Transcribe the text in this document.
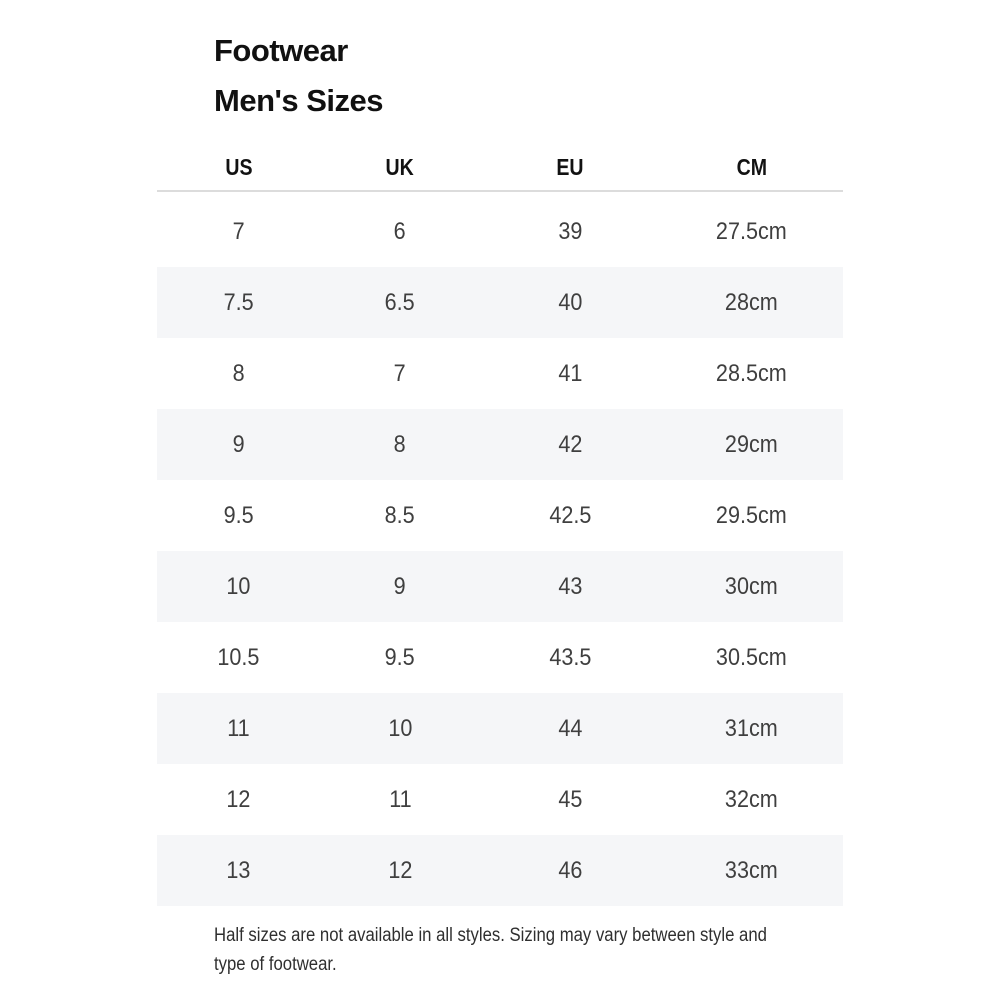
Footwear
Men's Sizes
US	UK	EU	CM
7	6	39	27.5cm
7.5	6.5	40	28cm
8	7	41	28.5cm
9	8	42	29cm
9.5	8.5	42.5	29.5cm
10	9	43	30cm
10.5	9.5	43.5	30.5cm
11	10	44	31cm
12	11	45	32cm
13	12	46	33cm
Half sizes are not available in all styles. Sizing may vary between style and
type of footwear.
